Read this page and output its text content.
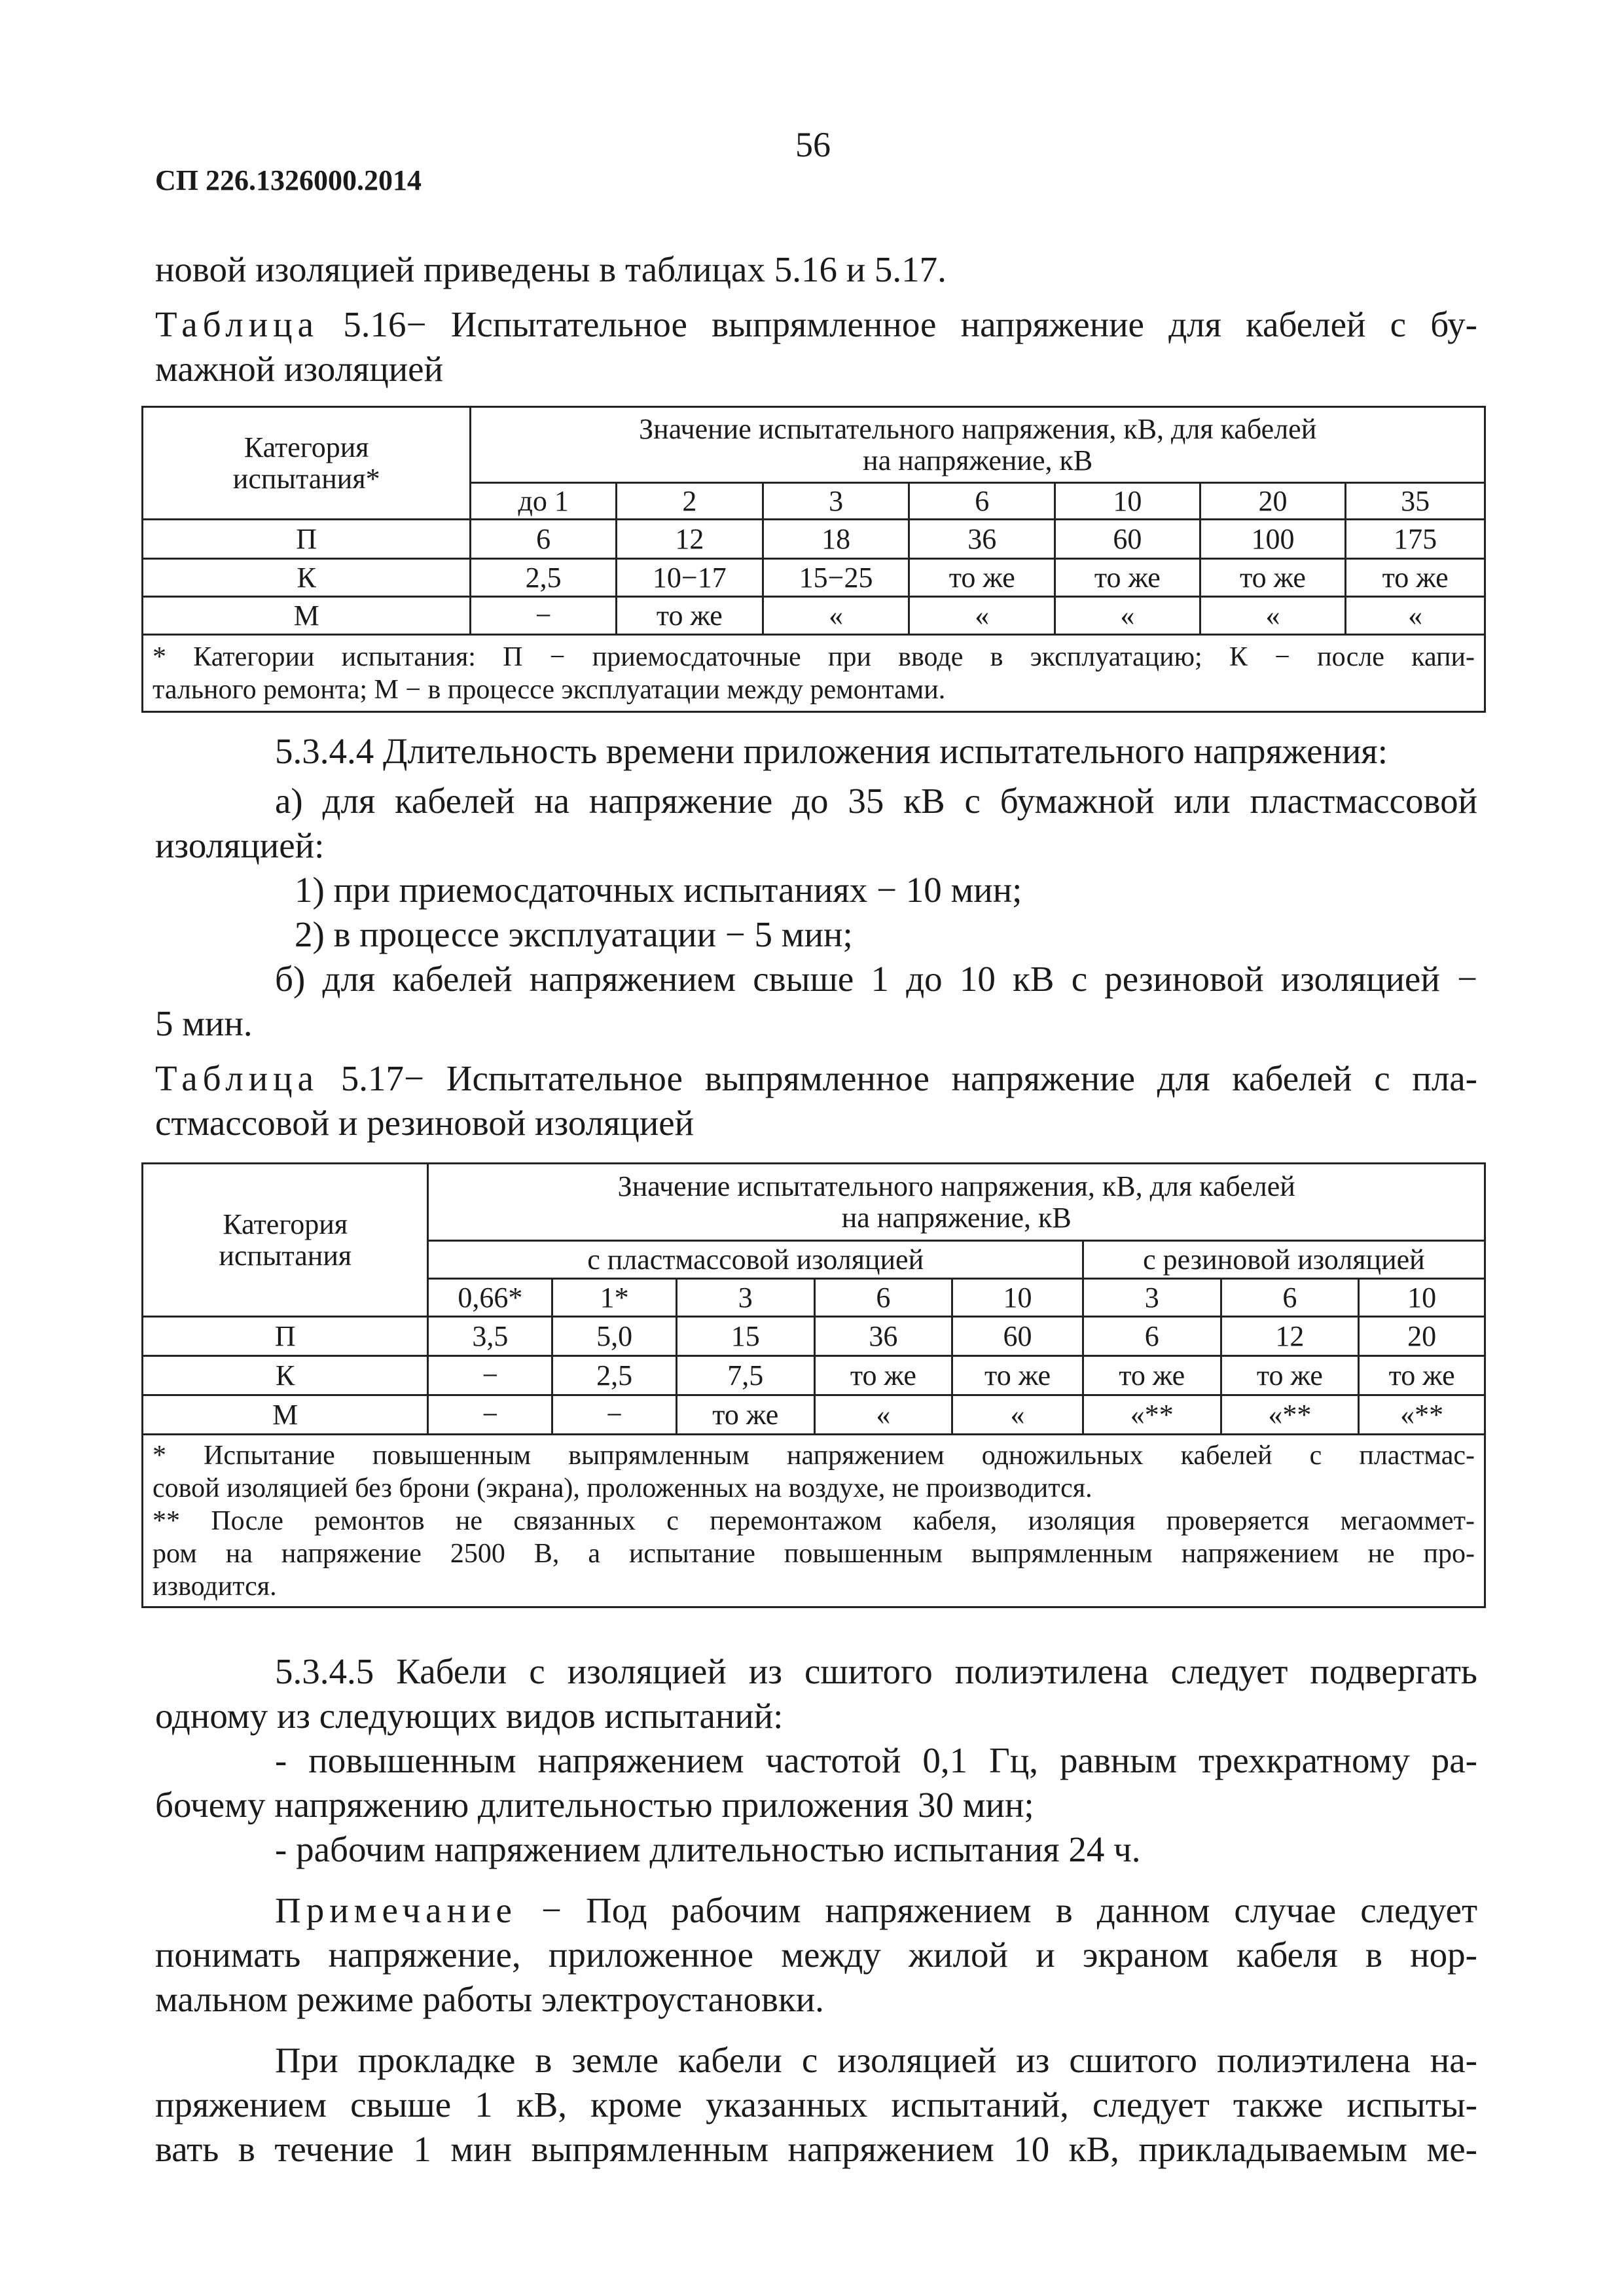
56
СП 226.1326000.2014
новой изоляцией приведены в таблицах 5.16 и 5.17.
Таблица 5.16− Испытательное выпрямленное напряжение для кабелей с бу-
мажной изоляцией
Категория
испытания*	Значение испытательного напряжения, кВ, для кабелей
на напряжение, кВ						
	до 1	2	3	6	10	20	35
П	6	12	18	36	60	100	175
К	2,5	10−17	15−25	то же	то же	то же	то же
М	−	то же	«	«	«	«	«

* Категории испытания: П − приемосдаточные при вводе в эксплуатацию; К − после капи-
тального ремонта; М − в процессе эксплуатации между ремонтами.							
5.3.4.4 Длительность времени приложения испытательного напряжения:
а) для кабелей на напряжение до 35 кВ с бумажной или пластмассовой
изоляцией:
1) при приемосдаточных испытаниях − 10 мин;
2) в процессе эксплуатации − 5 мин;
б) для кабелей напряжением свыше 1 до 10 кВ с резиновой изоляцией −
5 мин.
Таблица 5.17− Испытательное выпрямленное напряжение для кабелей с пла-
стмассовой и резиновой изоляцией
Категория
испытания	Значение испытательного напряжения, кВ, для кабелей
на напряжение, кВ							
	с пластмассовой изоляцией					с резиновой изоляцией		
	0,66*	1*	3	6	10	3	6	10
П	3,5	5,0	15	36	60	6	12	20
К	−	2,5	7,5	то же	то же	то же	то же	то же
М	−	−	то же	«	«	«**	«**	«**

* Испытание повышенным выпрямленным напряжением одножильных кабелей с пластмас-
совой изоляцией без брони (экрана), проложенных на воздухе, не производится.
** После ремонтов не связанных с перемонтажом кабеля, изоляция проверяется мегаоммет-
ром на напряжение 2500 В, а испытание повышенным выпрямленным напряжением не про-
изводится.								
5.3.4.5 Кабели с изоляцией из сшитого полиэтилена следует подвергать
одному из следующих видов испытаний:
- повышенным напряжением частотой 0,1 Гц, равным трехкратному ра-
бочему напряжению длительностью приложения 30 мин;
- рабочим напряжением длительностью испытания 24 ч.
Примечание − Под рабочим напряжением в данном случае следует
понимать напряжение, приложенное между жилой и экраном кабеля в нор-
мальном режиме работы электроустановки.
При прокладке в земле кабели с изоляцией из сшитого полиэтилена на-
пряжением свыше 1 кВ, кроме указанных испытаний, следует также испыты-
вать в течение 1 мин выпрямленным напряжением 10 кВ, прикладываемым ме-
